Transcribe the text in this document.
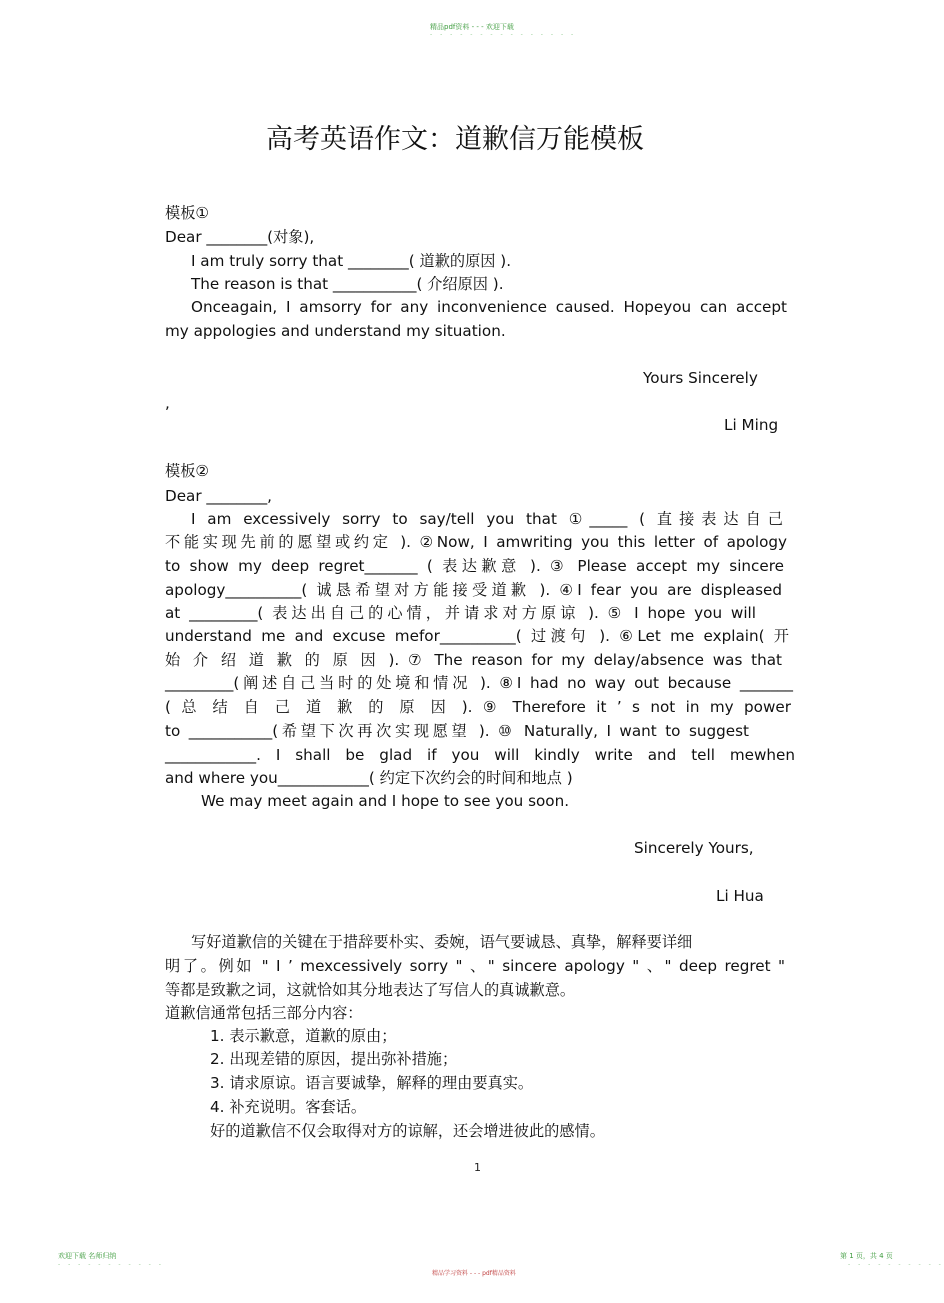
精品pdf资料 - - - 欢迎下载
- - - - - - - - - - - - - - -
高考英语作文：道歉信万能模板
模板①
Dear ________(对象),
I am truly sorry that ________( 道歉的原因 ).
The reason is that ___________( 介绍原因 ).
Onceagain, I amsorry for any inconvenience caused. Hopeyou can accept
my appologies and understand my situation.
Yours Sincerely
,
Li Ming
模板②
Dear ________,
I am excessively sorry to say/tell you that ①_____ ( 直接表达自己
不能实现先前的愿望或约定 ). ②Now, I amwriting you this letter of apology
to show my deep regret_______ ( 表达歉意 ). ③ Please accept my sincere
apology__________( 诚恳希望对方能接受道歉 ). ④I fear you are displeased
at _________( 表达出自己的心情，并请求对方原谅 ). ⑤ I hope you will
understand me and excuse mefor__________( 过渡句 ). ⑥Let me explain( 开
始 介 绍 道 歉 的 原 因 ). ⑦ The reason for my delay/absence was that
_________(阐述自己当时的处境和情况 ). ⑧I had no way out because _______
( 总 结 自 己 道 歉 的 原 因 ). ⑨ Therefore it ’ s not in my power
to ___________(希望下次再次实现愿望 ). ⑩ Naturally, I want to suggest
____________. I shall be glad if you will kindly write and tell mewhen
and where you____________( 约定下次约会的时间和地点 )
We may meet again and I hope to see you soon.
Sincerely Yours,
Li Hua
写好道歉信的关键在于措辞要朴实、委婉，语气要诚恳、真挚，解释要详细
明了。例如 " I ’ mexcessively sorry " 、" sincere apology " 、" deep regret "
等都是致歉之词，这就恰如其分地表达了写信人的真诚歉意。
道歉信通常包括三部分内容：
1. 表示歉意，道歉的原由；
2. 出现差错的原因，提出弥补措施；
3. 请求原谅。语言要诚挚，解释的理由要真实。
4. 补充说明。客套话。
好的道歉信不仅会取得对方的谅解，还会增进彼此的感情。
1
欢迎下载 名师归纳
- - - - - - - - - - -
精品学习资料 - - - pdf精品资料
第 1 页，共 4 页
- - - - - - - - - -
